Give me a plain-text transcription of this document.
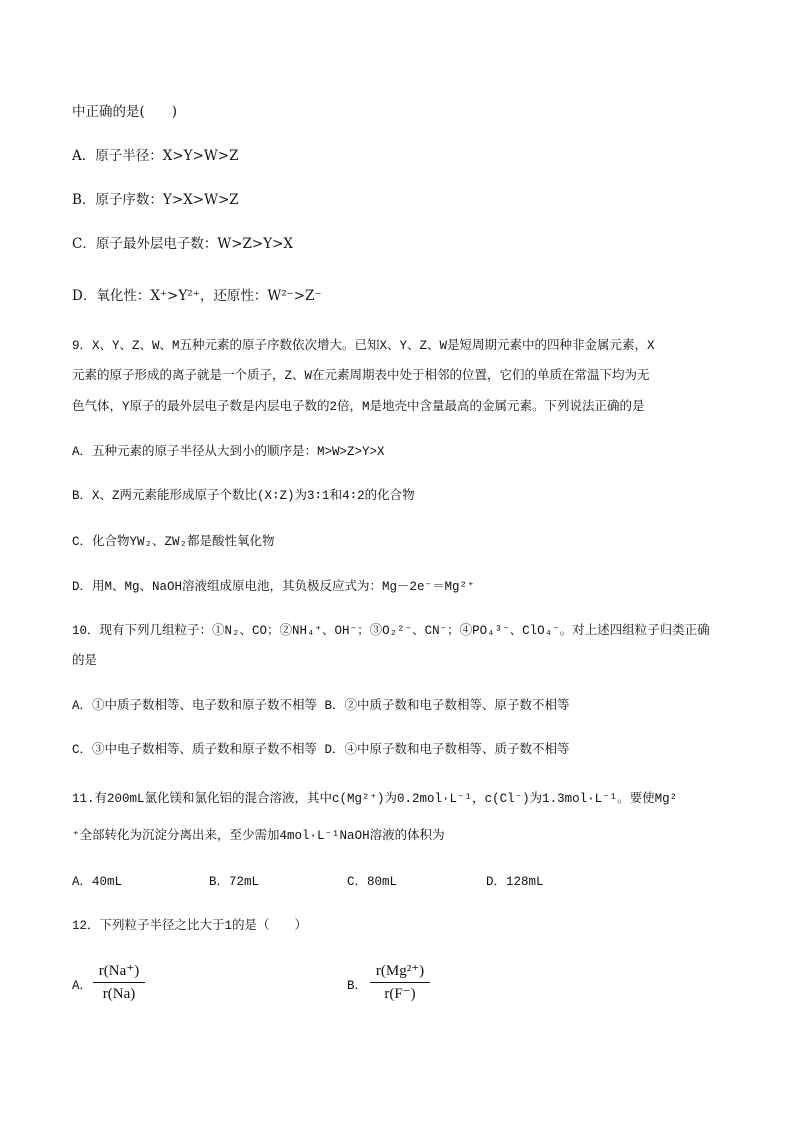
中正确的是(　　)
A．原子半径：X>Y>W>Z
B．原子序数：Y>X>W>Z
C．原子最外层电子数：W>Z>Y>X
D．氧化性：X⁺>Y²⁺，还原性：W²⁻>Z⁻
9．X、Y、Z、W、M五种元素的原子序数依次增大。已知X、Y、Z、W是短周期元素中的四种非金属元素，X
元素的原子形成的离子就是一个质子，Z、W在元素周期表中处于相邻的位置，它们的单质在常温下均为无
色气体，Y原子的最外层电子数是内层电子数的2倍，M是地壳中含量最高的金属元素。下列说法正确的是
A．五种元素的原子半径从大到小的顺序是：M>W>Z>Y>X
B．X、Z两元素能形成原子个数比(X∶Z)为3∶1和4∶2的化合物
C．化合物YW₂、ZW₂都是酸性氧化物
D．用M、Mg、NaOH溶液组成原电池，其负极反应式为：Mg－2e⁻＝Mg²⁺
10．现有下列几组粒子：①N₂、CO；②NH₄⁺、OH⁻；③O₂²⁻、CN⁻；④PO₄³⁻、ClO₄⁻。对上述四组粒子归类正确
的是
A．①中质子数相等、电子数和原子数不相等 B．②中质子数和电子数相等、原子数不相等
C．③中电子数相等、质子数和原子数不相等 D．④中原子数和电子数相等、质子数不相等
11.有200mL氯化镁和氯化铝的混合溶液，其中c(Mg²⁺)为0.2mol·L⁻¹，c(Cl⁻)为1.3mol·L⁻¹。要使Mg²
⁺全部转化为沉淀分离出来，至少需加4mol·L⁻¹NaOH溶液的体积为
A．40mL	B．72mL	C．80mL	D．128mL
12．下列粒子半径之比大于1的是（　　）
A．
r(Na⁺)
r(Na)	B．
r(Mg²⁺)
r(F⁻)
